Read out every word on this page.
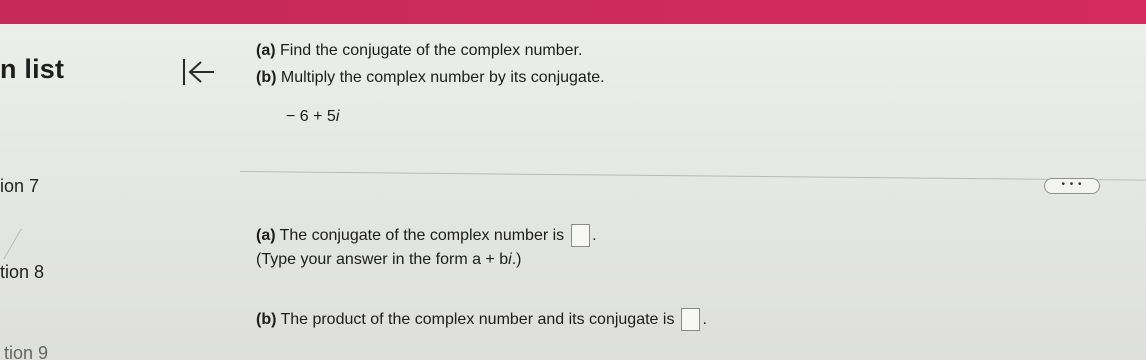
n list
ion 7
tion 8
tion 9
(a) Find the conjugate of the complex number.
(b) Multiply the complex number by its conjugate.
− 6 + 5i
• • •
(a) The conjugate of the complex number is .
(Type your answer in the form a + b i .)
(b) The product of the complex number and its conjugate is .
